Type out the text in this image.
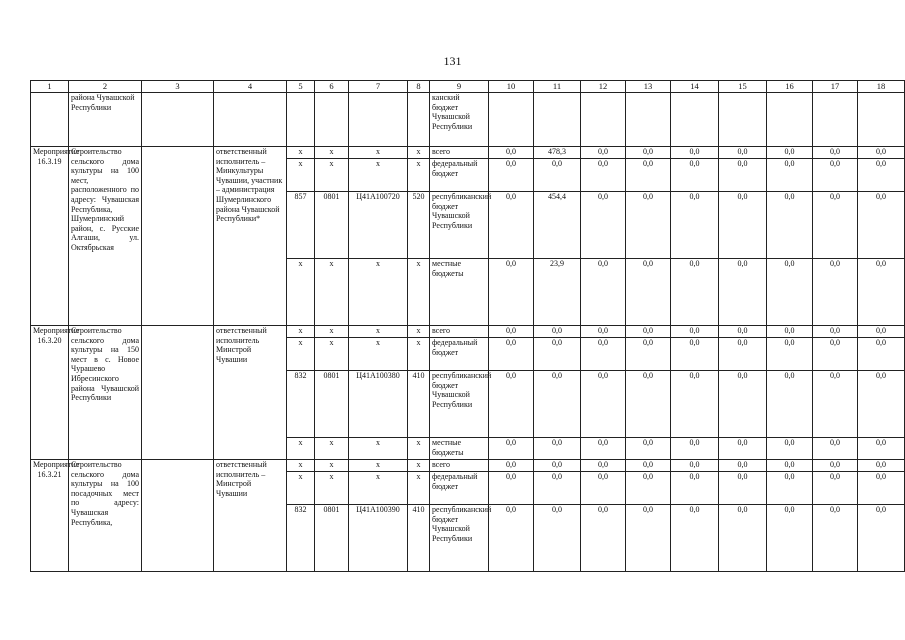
131
1	2	3	4	5	6	7	8	9	10	11	12	13	14	15	16	17	18
	района Чувашской Республики							канский бюджет Чувашской Республики									
Мероприятие 16.3.19	Строительство сельского дома культуры на 100 мест, расположенного по адресу: Чувашская Республика, Шумерлинский район, с. Русские Алгаши, ул. Октябрьская		ответственный исполнитель – Минкультуры Чувашии, участник – администрация Шумерлинского района Чувашской Республики*	x	x	x	x	всего	0,0	478,3	0,0	0,0	0,0	0,0	0,0	0,0	0,0
				x	x	x	x	федеральный бюджет	0,0	0,0	0,0	0,0	0,0	0,0	0,0	0,0	0,0
				857	0801	Ц41А100720	520	республиканский бюджет Чувашской Республики	0,0	454,4	0,0	0,0	0,0	0,0	0,0	0,0	0,0
				x	x	x	x	местные бюджеты	0,0	23,9	0,0	0,0	0,0	0,0	0,0	0,0	0,0
Мероприятие 16.3.20	Строительство сельского дома культуры на 150 мест в с. Новое Чурашево Ибресинского района Чувашской Республики		ответственный исполнитель Минстрой Чувашии	x	x	x	x	всего	0,0	0,0	0,0	0,0	0,0	0,0	0,0	0,0	0,0
				x	x	x	x	федеральный бюджет	0,0	0,0	0,0	0,0	0,0	0,0	0,0	0,0	0,0
				832	0801	Ц41А100380	410	республиканский бюджет Чувашской Республики	0,0	0,0	0,0	0,0	0,0	0,0	0,0	0,0	0,0
				x	x	x	x	местные бюджеты	0,0	0,0	0,0	0,0	0,0	0,0	0,0	0,0	0,0
Мероприятие 16.3.21	Строительство сельского дома культуры на 100 посадочных мест по адресу: Чувашская Республика,		ответственный исполнитель – Минстрой Чувашии	x	x	x	x	всего	0,0	0,0	0,0	0,0	0,0	0,0	0,0	0,0	0,0
				x	x	x	x	федеральный бюджет	0,0	0,0	0,0	0,0	0,0	0,0	0,0	0,0	0,0
				832	0801	Ц41А100390	410	республиканский бюджет Чувашской Республики	0,0	0,0	0,0	0,0	0,0	0,0	0,0	0,0	0,0
